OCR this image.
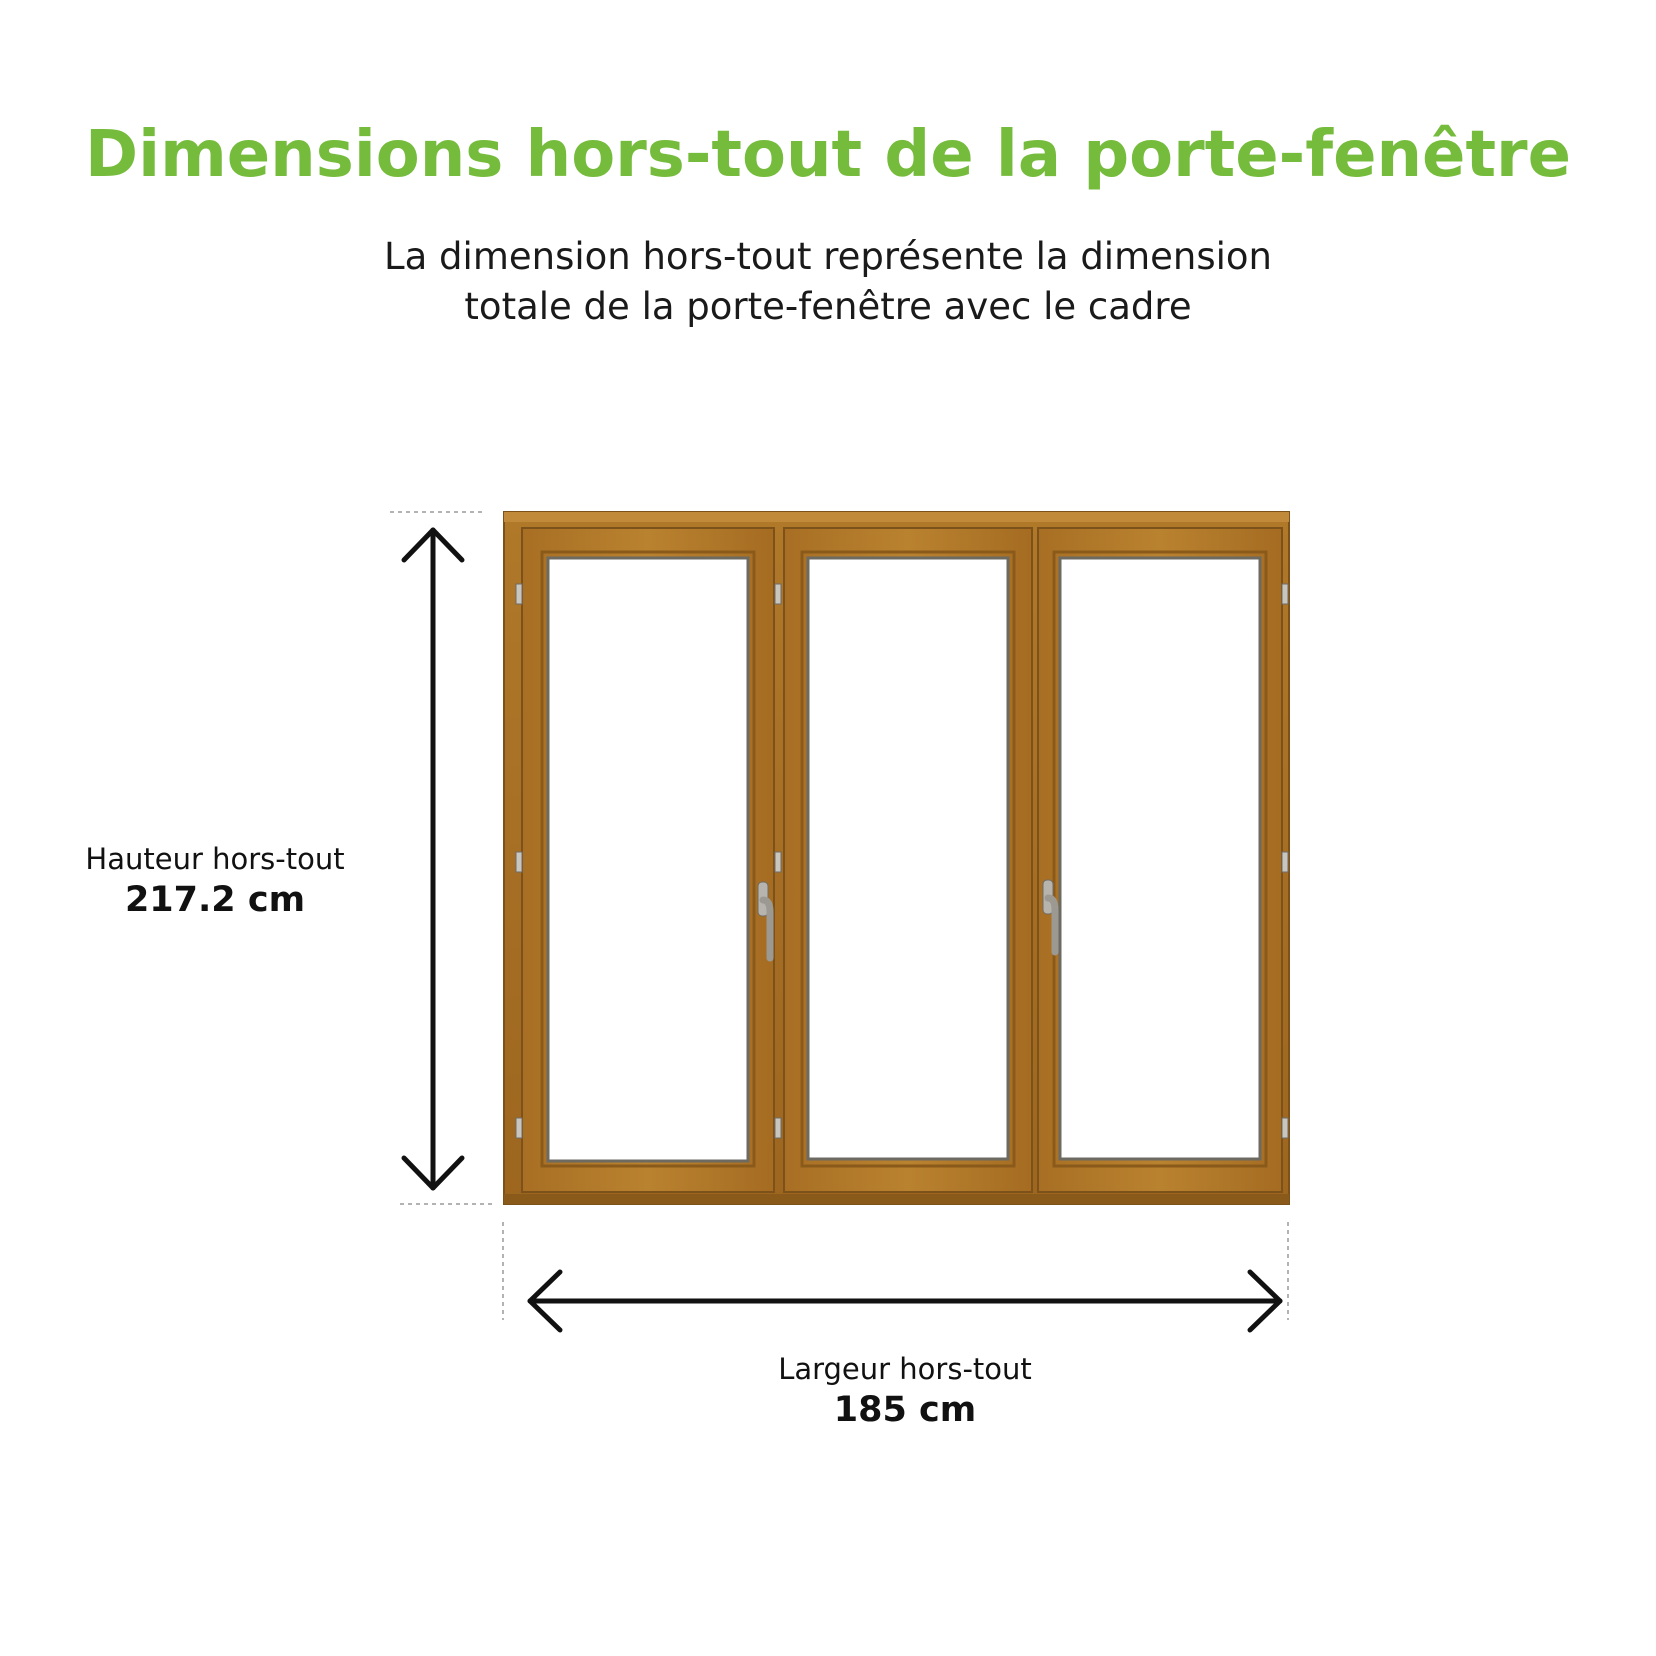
Dimensions hors-tout de la porte-fenêtre
La dimension hors-tout représente la dimension
totale de la porte-fenêtre avec le cadre
Hauteur hors-tout
217.2 cm
Largeur hors-tout
185 cm
